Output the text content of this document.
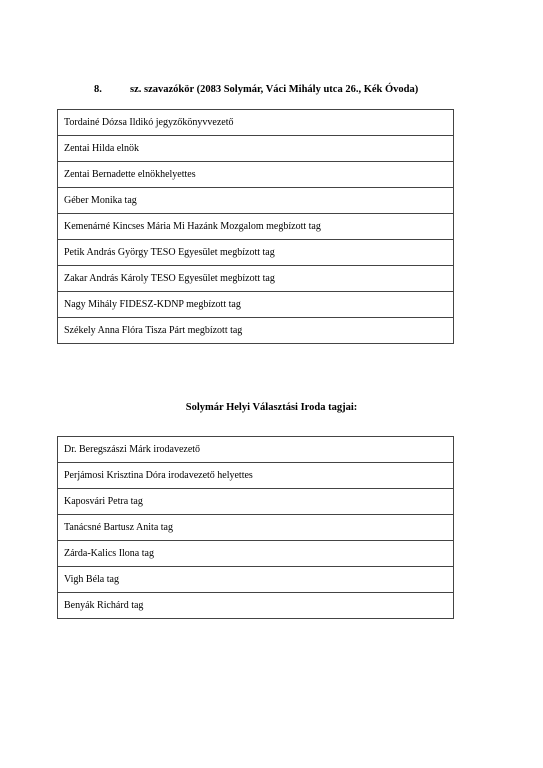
8.	sz. szavazókör (2083 Solymár, Váci Mihály utca 26., Kék Óvoda)
Tordainé Dózsa Ildikó jegyzőkönyvvezető
Zentai Hilda elnök
Zentai Bernadette elnökhelyettes
Géber Monika tag
Kemenárné Kincses Mária Mi Hazánk Mozgalom megbízott tag
Petik András György TESO Egyesület megbízott tag
Zakar András Károly TESO Egyesület megbízott tag
Nagy Mihály FIDESZ-KDNP megbízott tag
Székely Anna Flóra Tisza Párt megbízott tag
Solymár Helyi Választási Iroda tagjai:
Dr. Beregszászi Márk irodavezető
Perjámosi Krisztina Dóra irodavezető helyettes
Kaposvári Petra tag
Tanácsné Bartusz Anita tag
Zárda-Kalics Ilona tag
Vigh Béla tag
Benyák Richárd tag
